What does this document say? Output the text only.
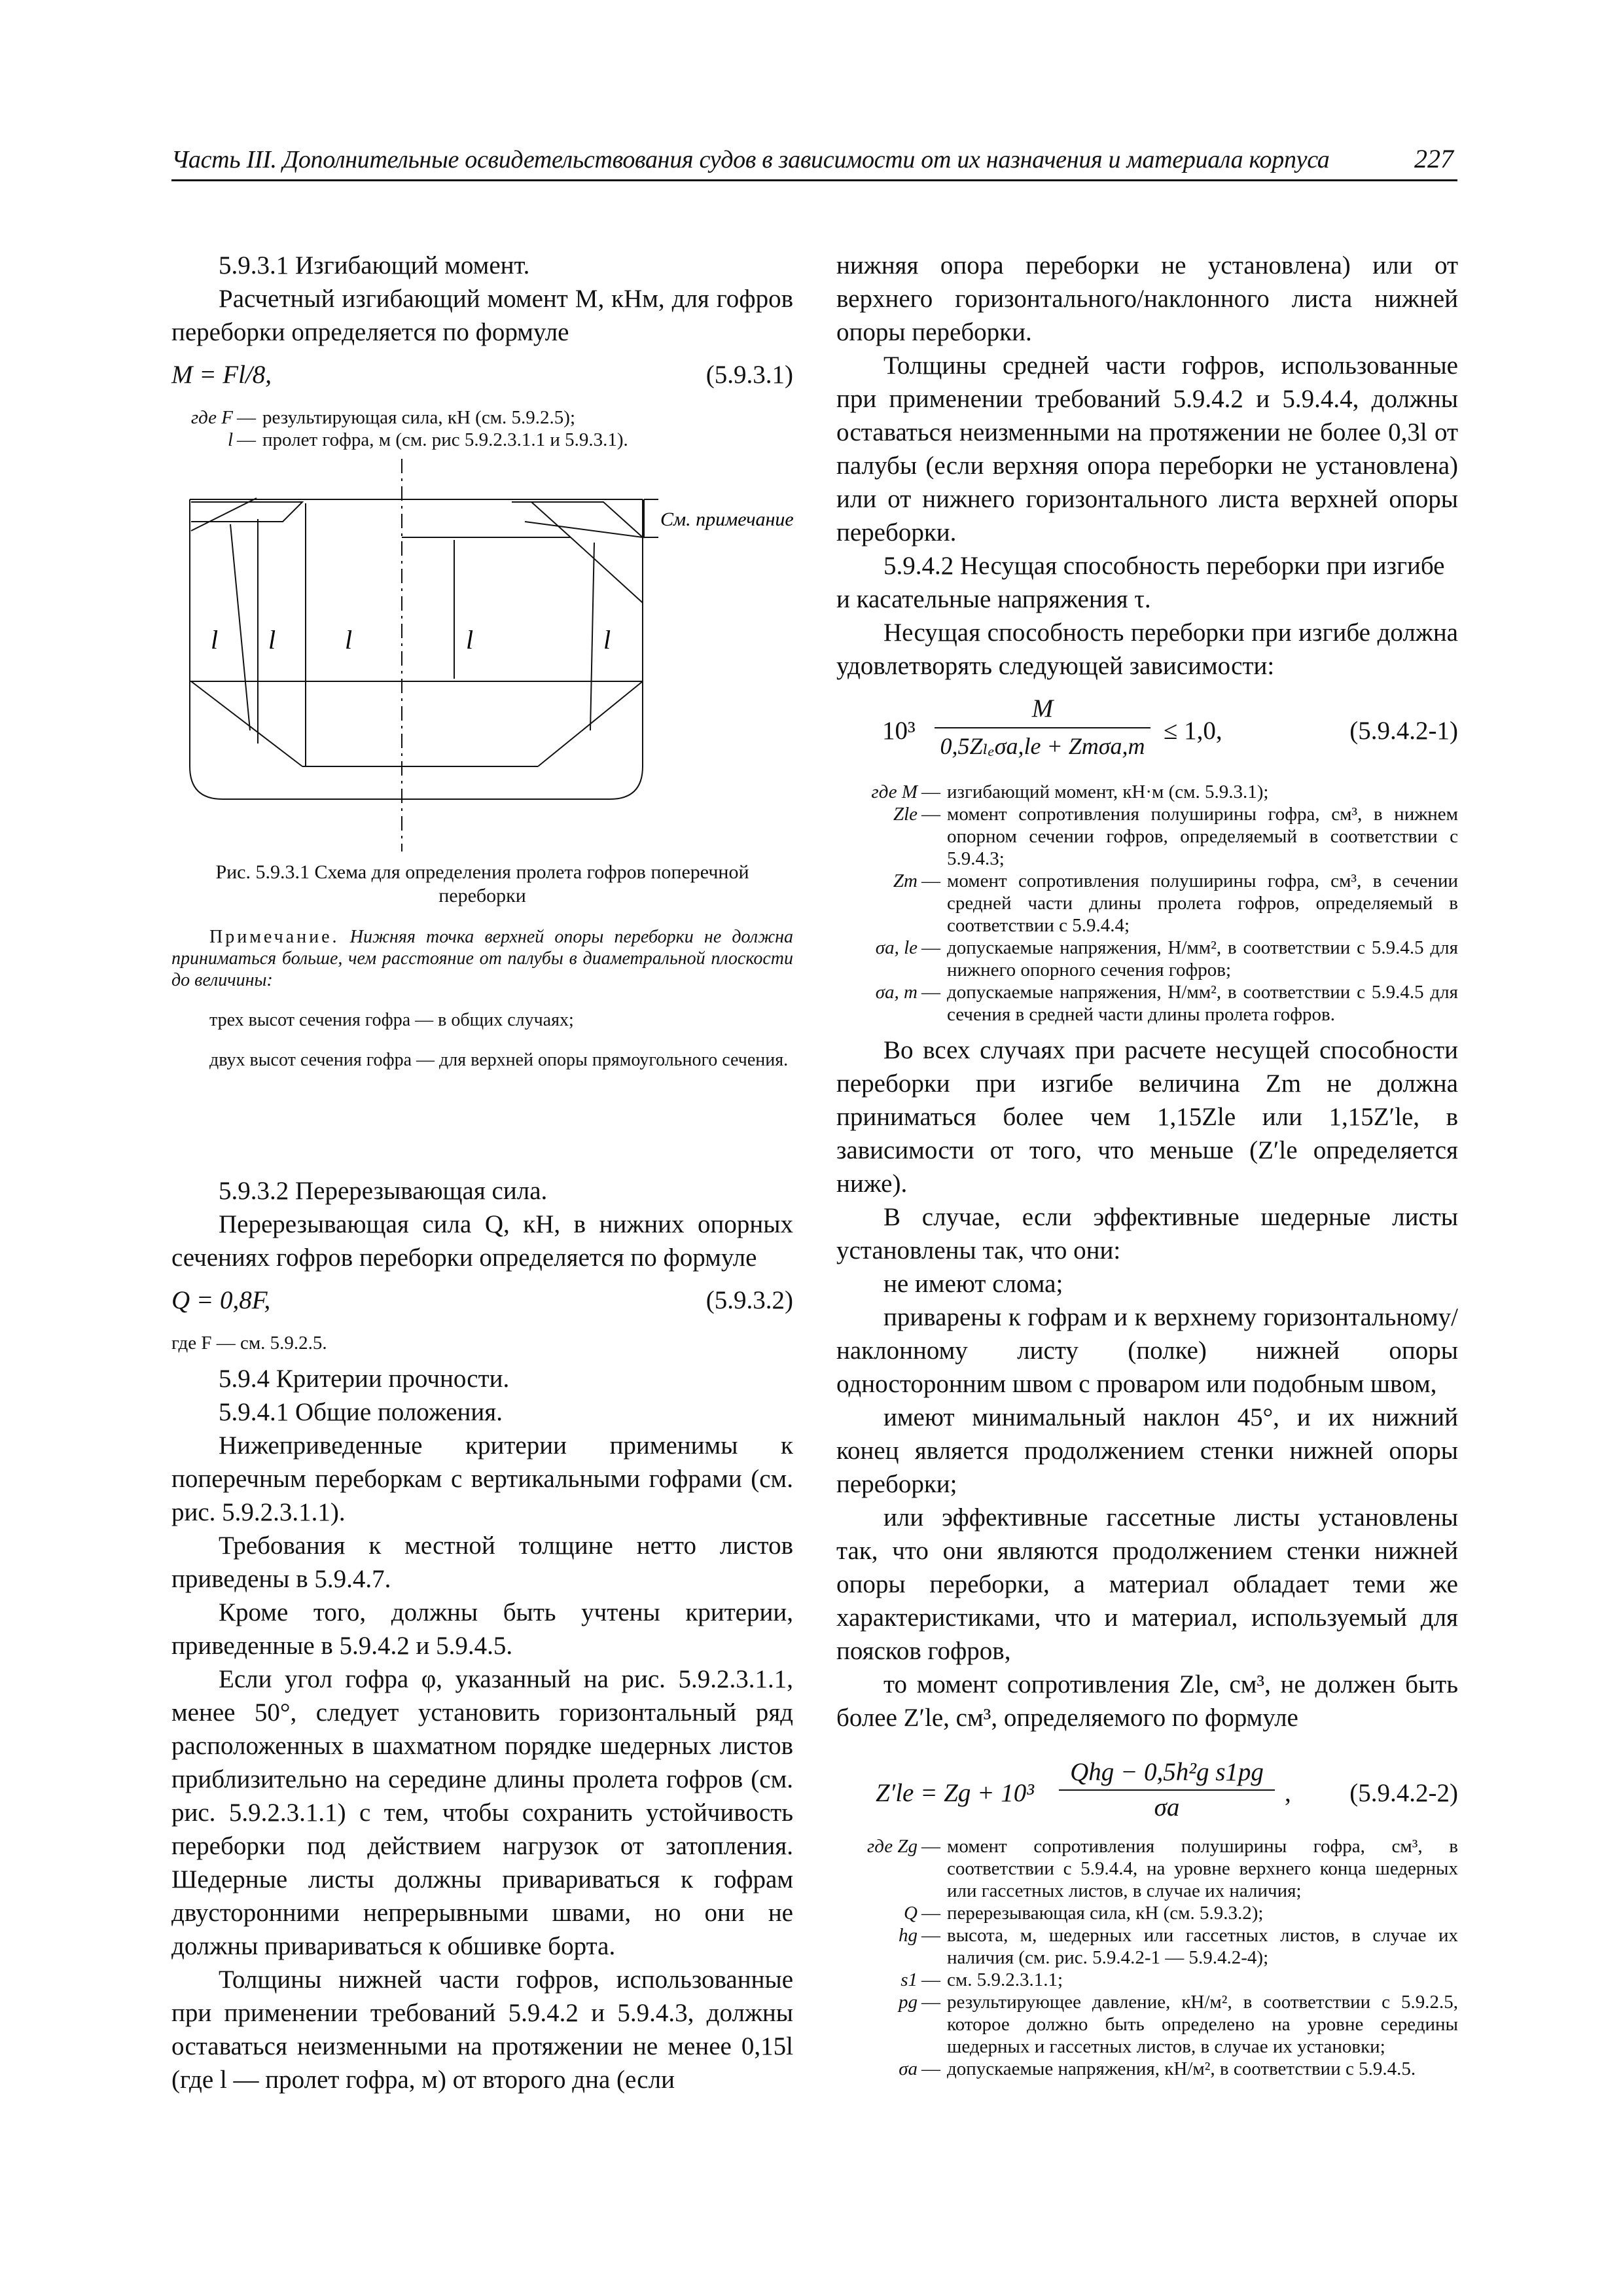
Часть III. Дополнительные освидетельствования судов в зависимости от их назначения и материала корпуса	227

5.9.3.1 Изгибающий момент.

Расчетный изгибающий момент M, кНм, для гофров переборки определяется по формуле

M = Fl/8,	(5.9.3.1)
где F — результирующая сила, кН (см. 5.9.2.5);
l — пролет гофра, м (см. рис 5.9.2.3.1.1 и 5.9.3.1).
См. примечание
l l	l	l	l

Рис. 5.9.3.1 Схема для определения пролета гофров поперечной переборки

Примечание. Нижняя точка верхней опоры переборки не должна приниматься больше, чем расстояние от палубы в диаметральной плоскости до величины:

трех высот сечения гофра — в общих случаях;

двух высот сечения гофра — для верхней опоры прямоугольного сечения.

5.9.3.2 Перерезывающая сила.

Перерезывающая сила Q, кН, в нижних опорных сечениях гофров переборки определяется по формуле

Q = 0,8F,	(5.9.3.2)
где F — см. 5.9.2.5.

5.9.4 Критерии прочности.

5.9.4.1 Общие положения.

Нижеприведенные критерии применимы к поперечным переборкам с вертикальными гофрами (см. рис. 5.9.2.3.1.1).

Требования к местной толщине нетто листов приведены в 5.9.4.7.

Кроме того, должны быть учтены критерии, приведенные в 5.9.4.2 и 5.9.4.5.

Если угол гофра φ, указанный на рис. 5.9.2.3.1.1, менее 50°, следует установить горизонтальный ряд расположенных в шахматном порядке шедерных листов приблизительно на середине длины пролета гофров (см. рис. 5.9.2.3.1.1) с тем, чтобы сохранить устойчивость переборки под действием нагрузок от затопления. Шедерные листы должны привариваться к гофрам двусторонними непрерывными швами, но они не должны привариваться к обшивке борта.

Толщины нижней части гофров, использованные при применении требований 5.9.4.2 и 5.9.4.3, должны оставаться неизменными на протяжении не менее 0,15l (где l — пролет гофра, м) от второго дна (если

нижняя опора переборки не установлена) или от верхнего горизонтального/наклонного листа нижней опоры переборки.

Толщины средней части гофров, использованные при применении требований 5.9.4.2 и 5.9.4.4, должны оставаться неизменными на протяжении не более 0,3l от палубы (если верхняя опора переборки не установлена) или от нижнего горизонтального листа верхней опоры переборки.

5.9.4.2 Несущая способность переборки при изгибе и касательные напряжения τ.

Несущая способность переборки при изгибе должна удовлетворять следующей зависимости:

10³
M
0,5Zₗₑσa,le + Zmσa,m
≤ 1,0,	(5.9.4.2-1)
где M — изгибающий момент, кН·м (см. 5.9.3.1);
Zle — момент сопротивления полуширины гофра, см³, в нижнем опорном сечении гофров, определяемый в соответствии с 5.9.4.3;
Zm — момент сопротивления полуширины гофра, см³, в сечении средней части длины пролета гофров, определяемый в соответствии с 5.9.4.4;
σa, le — допускаемые напряжения, Н/мм², в соответствии с 5.9.4.5 для нижнего опорного сечения гофров;
σa, m — допускаемые напряжения, Н/мм², в соответствии с 5.9.4.5 для сечения в средней части длины пролета гофров.

Во всех случаях при расчете несущей способности переборки при изгибе величина Zm не должна приниматься более чем 1,15Zle или 1,15Z′le, в зависимости от того, что меньше (Z′le определяется ниже).

В случае, если эффективные шедерные листы установлены так, что они:

не имеют слома;

приварены к гофрам и к верхнему горизонтальному/наклонному листу (полке) нижней опоры односторонним швом с проваром или подобным швом,

имеют минимальный наклон 45°, и их нижний конец является продолжением стенки нижней опоры переборки;

или эффективные гассетные листы установлены так, что они являются продолжением стенки нижней опоры переборки, а материал обладает теми же характеристиками, что и материал, используемый для поясков гофров,

то момент сопротивления Zle, см³, не должен быть более Z′le, см³, определяемого по формуле

Z′le = Zg + 10³
Qhg − 0,5h²g s1pg
σa
, (5.9.4.2-2)
где Zg — момент сопротивления полуширины гофра, см³, в соответствии с 5.9.4.4, на уровне верхнего конца шедерных или гассетных листов, в случае их наличия;
Q — перерезывающая сила, кН (см. 5.9.3.2);
hg — высота, м, шедерных или гассетных листов, в случае их наличия (см. рис. 5.9.4.2-1 — 5.9.4.2-4);
s1 — см. 5.9.2.3.1.1;
pg — результирующее давление, кН/м², в соответствии с 5.9.2.5, которое должно быть определено на уровне середины шедерных и гассетных листов, в случае их установки;
σa — допускаемые напряжения, кН/м², в соответствии с 5.9.4.5.
